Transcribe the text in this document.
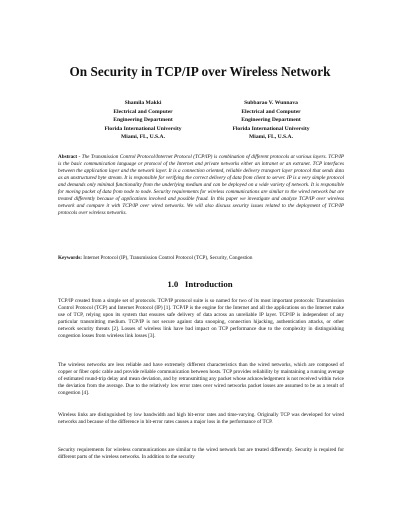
On Security in TCP/IP over Wireless Network
Shamila Makki
Electrical and Computer
Engineering Department
Florida International University
Miami, FL, U.S.A.
Subbarao V. Wunnava
Electrical and Computer
Engineering Department
Florida International University
Miami, FL, U.S.A.
Abstract - The Transmission Control Protocol/Internet Protocol (TCP/IP) is combination of different protocols at various layers. TCP/IP is the basic communication language or protocol of the Internet and private networks either an intranet or an extranet. TCP interfaces between the application layer and the network layer. It is a connection oriented, reliable delivery transport layer protocol that sends data as an unstructured byte stream. It is responsible for verifying the correct delivery of data from client to server. IP is a very simple protocol and demands only minimal functionality from the underlying medium and can be deployed on a wide variety of network. It is responsible for moving packet of data from node to node. Security requirements for wireless communications are similar to the wired network but are treated differently because of applications involved and possible fraud. In this paper we investigate and analyze TCP/IP over wireless network and compare it with TCP/IP over wired networks. We will also discuss security issues related to the deployment of TCP/IP protocols over wireless networks.
Keywords: Internet Protocol (IP), Transmission Control Protocol (TCP), Security, Congestion
1.0 Introduction
TCP/IP created from a simple set of protocols. TCP/IP protocol suite is so named for two of its most important protocols: Transmission Control Protocol (TCP) and Internet Protocol (IP) [1]. TCP/IP is the engine for the Internet and all the applications on the Internet make use of TCP, relying upon its system that ensures safe delivery of data across an unreliable IP layer. TCP/IP is independent of any particular transmitting medium. TCP/IP is not secure against data snooping, connection hijacking, authentication attacks, or other network security threats [2]. Losses of wireless link have bad impact on TCP performance due to the complexity in distinguishing congestion losses from wireless link losses [3].
The wireless networks are less reliable and have extremely different characteristics than the wired networks, which are composed of copper or fiber optic cable and provide reliable communication between hosts. TCP provides reliability by maintaining a running average of estimated round-trip delay and mean deviation, and by retransmitting any packet whose acknowledgement is not received within twice the deviation from the average. Due to the relatively low error rates over wired networks packet losses are assumed to be as a result of congestion [4].
Wireless links are distinguished by low bandwidth and high bit-error rates and time-varying. Originally TCP was developed for wired networks and because of the difference in bit-error rates causes a major loss in the performance of TCP.
Security requirements for wireless communications are similar to the wired network but are treated differently. Security is required for different parts of the wireless networks. In addition to the security
